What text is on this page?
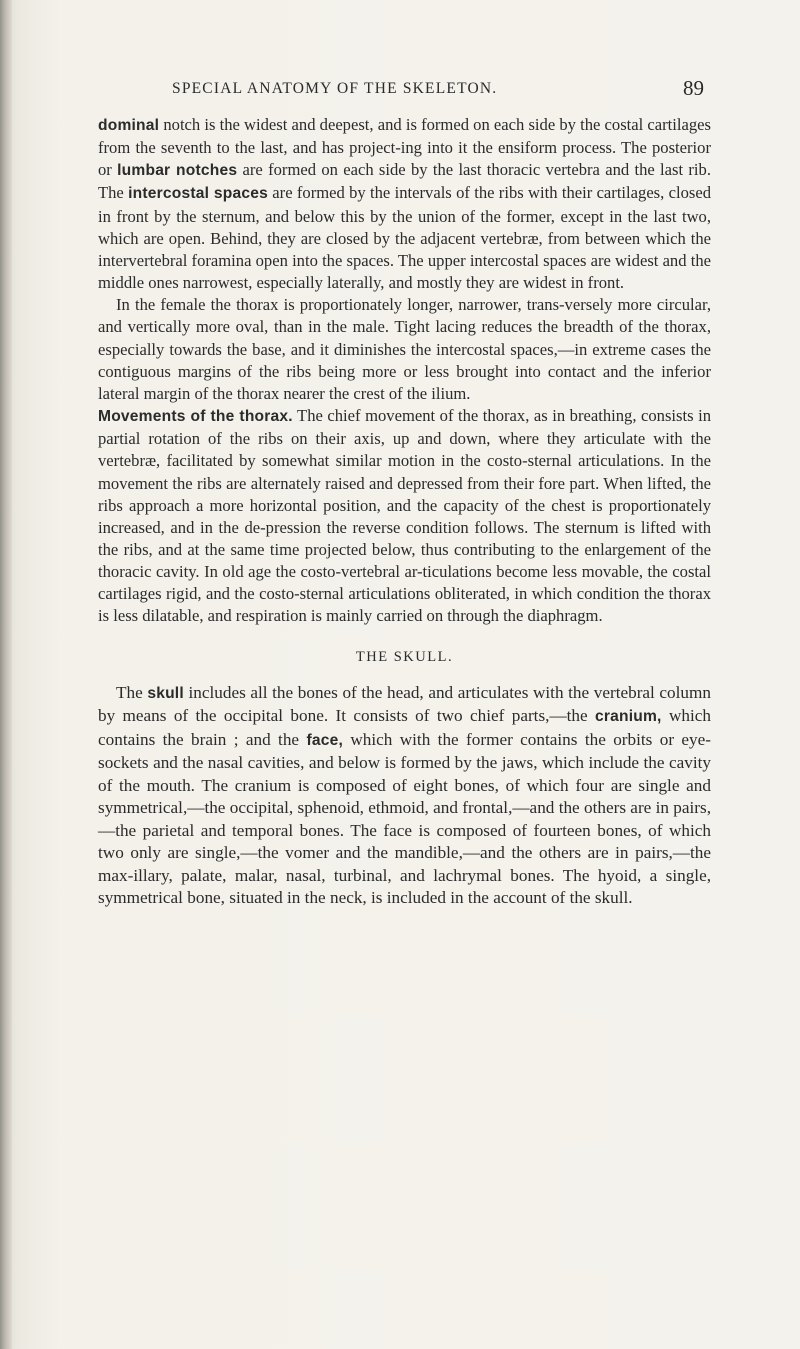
SPECIAL ANATOMY OF THE SKELETON.	89

dominal notch is the widest and deepest, and is formed on each side by the costal cartilages from the seventh to the last, and has project-ing into it the ensiform process. The posterior or lumbar notches are formed on each side by the last thoracic vertebra and the last rib. The intercostal spaces are formed by the intervals of the ribs with their cartilages, closed in front by the sternum, and below this by the union of the former, except in the last two, which are open. Behind, they are closed by the adjacent vertebræ, from between which the intervertebral foramina open into the spaces. The upper intercostal spaces are widest and the middle ones narrowest, especially laterally, and mostly they are widest in front.

In the female the thorax is proportionately longer, narrower, trans-versely more circular, and vertically more oval, than in the male. Tight lacing reduces the breadth of the thorax, especially towards the base, and it diminishes the intercostal spaces,—in extreme cases the contiguous margins of the ribs being more or less brought into contact and the inferior lateral margin of the thorax nearer the crest of the ilium.

Movements of the thorax. The chief movement of the thorax, as in breathing, consists in partial rotation of the ribs on their axis, up and down, where they articulate with the vertebræ, facilitated by somewhat similar motion in the costo-sternal articulations. In the movement the ribs are alternately raised and depressed from their fore part. When lifted, the ribs approach a more horizontal position, and the capacity of the chest is proportionately increased, and in the de-pression the reverse condition follows. The sternum is lifted with the ribs, and at the same time projected below, thus contributing to the enlargement of the thoracic cavity. In old age the costo-vertebral ar-ticulations become less movable, the costal cartilages rigid, and the costo-sternal articulations obliterated, in which condition the thorax is less dilatable, and respiration is mainly carried on through the diaphragm.

THE SKULL.

The skull includes all the bones of the head, and articulates with the vertebral column by means of the occipital bone. It consists of two chief parts,—the cranium, which contains the brain ; and the face, which with the former contains the orbits or eye-sockets and the nasal cavities, and below is formed by the jaws, which include the cavity of the mouth. The cranium is composed of eight bones, of which four are single and symmetrical,—the occipital, sphenoid, ethmoid, and frontal,—and the others are in pairs,—the parietal and temporal bones. The face is composed of fourteen bones, of which two only are single,—the vomer and the mandible,—and the others are in pairs,—the max-illary, palate, malar, nasal, turbinal, and lachrymal bones. The hyoid, a single, symmetrical bone, situated in the neck, is included in the account of the skull.
